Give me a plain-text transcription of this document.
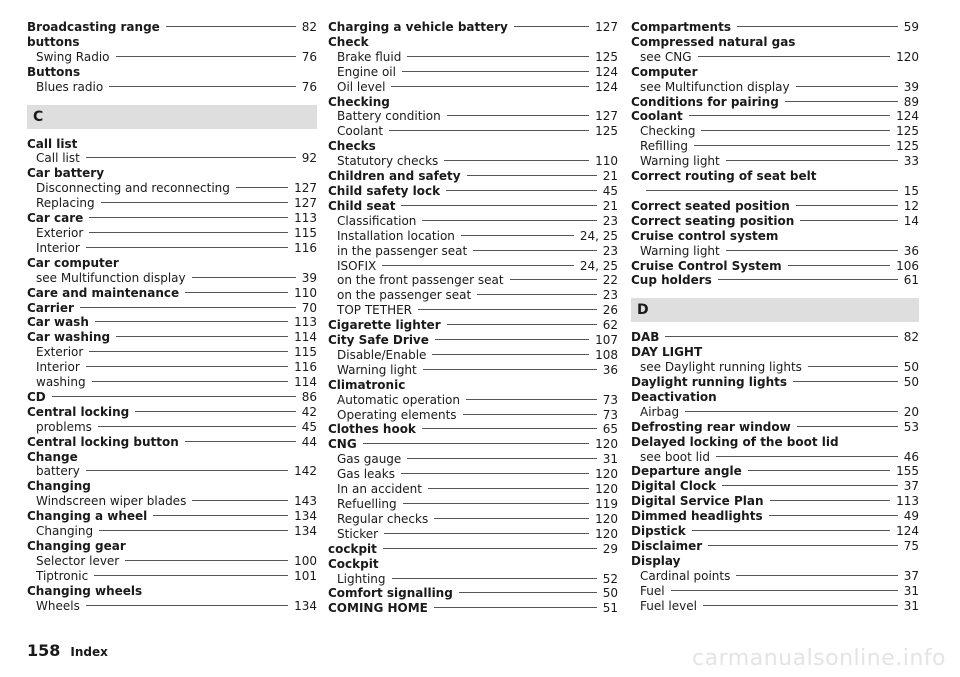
Broadcasting range	82
buttons
Swing Radio	76
Buttons
Blues radio	76
C
Call list
Call list	92
Car battery
Disconnecting and reconnecting	127
Replacing	127
Car care	113
Exterior	115
Interior	116
Car computer
see Multifunction display	39
Care and maintenance	110
Carrier	70
Car wash	113
Car washing	114
Exterior	115
Interior	116
washing	114
CD	86
Central locking	42
problems	45
Central locking button	44
Change
battery	142
Changing
Windscreen wiper blades	143
Changing a wheel	134
Changing	134
Changing gear
Selector lever	100
Tiptronic	101
Changing wheels
Wheels	134
Charging a vehicle battery	127
Check
Brake fluid	125
Engine oil	124
Oil level	124
Checking
Battery condition	127
Coolant	125
Checks
Statutory checks	110
Children and safety	21
Child safety lock	45
Child seat	21
Classification	23
Installation location	24, 25
in the passenger seat	23
ISOFIX	24, 25
on the front passenger seat	22
on the passenger seat	23
TOP TETHER	26
Cigarette lighter	62
City Safe Drive	107
Disable/Enable	108
Warning light	36
Climatronic
Automatic operation	73
Operating elements	73
Clothes hook	65
CNG	120
Gas gauge	31
Gas leaks	120
In an accident	120
Refuelling	119
Regular checks	120
Sticker	120
cockpit	29
Cockpit
Lighting	52
Comfort signalling	50
COMING HOME	51
Compartments	59
Compressed natural gas
see CNG	120
Computer
see Multifunction display	39
Conditions for pairing	89
Coolant	124
Checking	125
Refilling	125
Warning light	33
Correct routing of seat belt
15
Correct seated position	12
Correct seating position	14
Cruise control system
Warning light	36
Cruise Control System	106
Cup holders	61
D
DAB	82
DAY LIGHT
see Daylight running lights	50
Daylight running lights	50
Deactivation
Airbag	20
Defrosting rear window	53
Delayed locking of the boot lid
see boot lid	46
Departure angle	155
Digital Clock	37
Digital Service Plan	113
Dimmed headlights	49
Dipstick	124
Disclaimer	75
Display
Cardinal points	37
Fuel	31
Fuel level	31
158 Index	carmanualsonline.info
